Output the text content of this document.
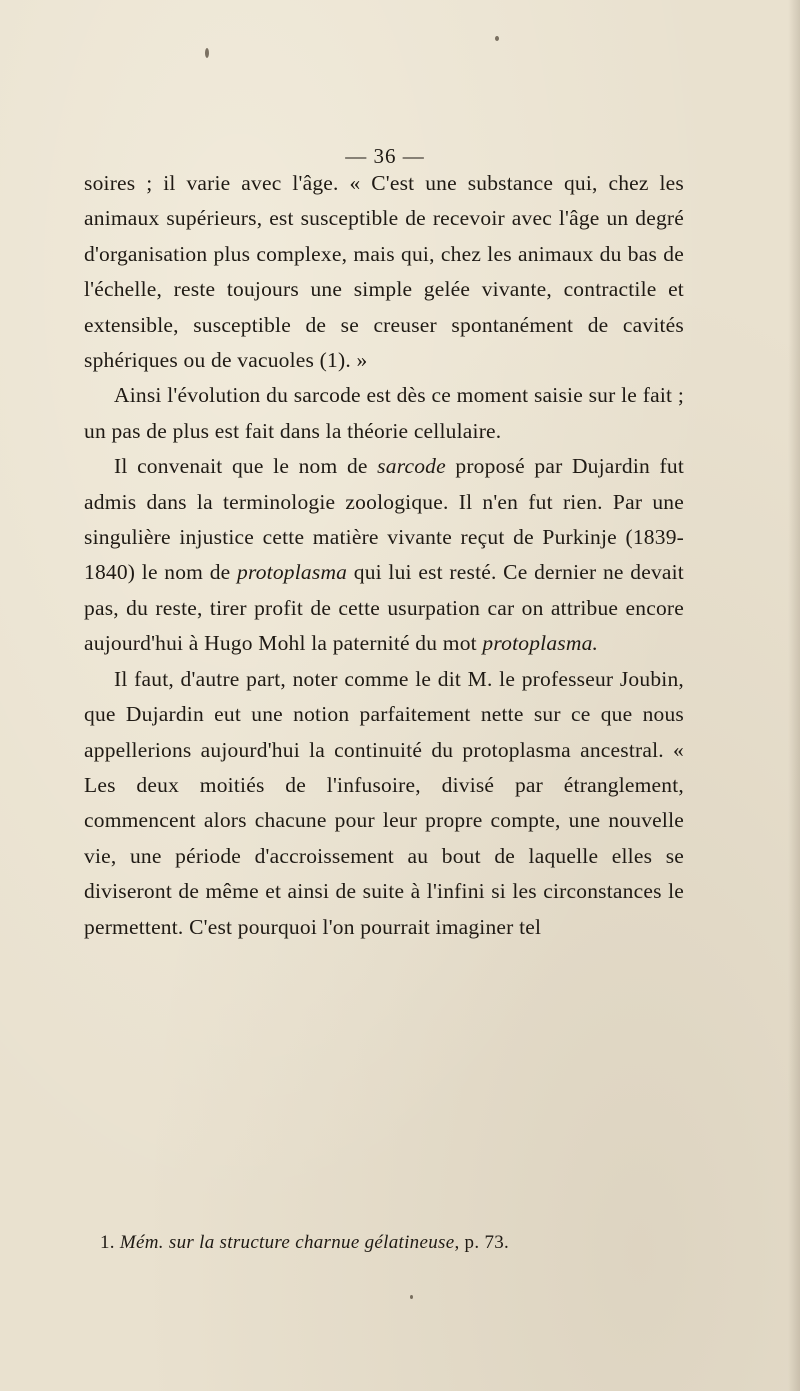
— 36 —

soires ; il varie avec l'âge. « C'est une substance qui, chez les animaux supérieurs, est susceptible de recevoir avec l'âge un degré d'organisation plus complexe, mais qui, chez les animaux du bas de l'échelle, reste toujours une simple gelée vivante, contractile et extensible, susceptible de se creuser spontanément de cavités sphériques ou de vacuoles (1). »

Ainsi l'évolution du sarcode est dès ce moment saisie sur le fait ; un pas de plus est fait dans la théorie cellulaire.

Il convenait que le nom de sarcode proposé par Dujardin fut admis dans la terminologie zoologique. Il n'en fut rien. Par une singulière injustice cette matière vivante reçut de Purkinje (1839-1840) le nom de protoplasma qui lui est resté. Ce dernier ne devait pas, du reste, tirer profit de cette usurpation car on attribue encore aujourd'hui à Hugo Mohl la paternité du mot protoplasma.

Il faut, d'autre part, noter comme le dit M. le professeur Joubin, que Dujardin eut une notion parfaitement nette sur ce que nous appellerions aujourd'hui la continuité du protoplasma ancestral. « Les deux moitiés de l'infusoire, divisé par étranglement, commencent alors chacune pour leur propre compte, une nouvelle vie, une période d'accroissement au bout de laquelle elles se diviseront de même et ainsi de suite à l'infini si les circonstances le permettent. C'est pourquoi l'on pourrait imaginer tel

1. Mém. sur la structure charnue gélatineuse, p. 73.
